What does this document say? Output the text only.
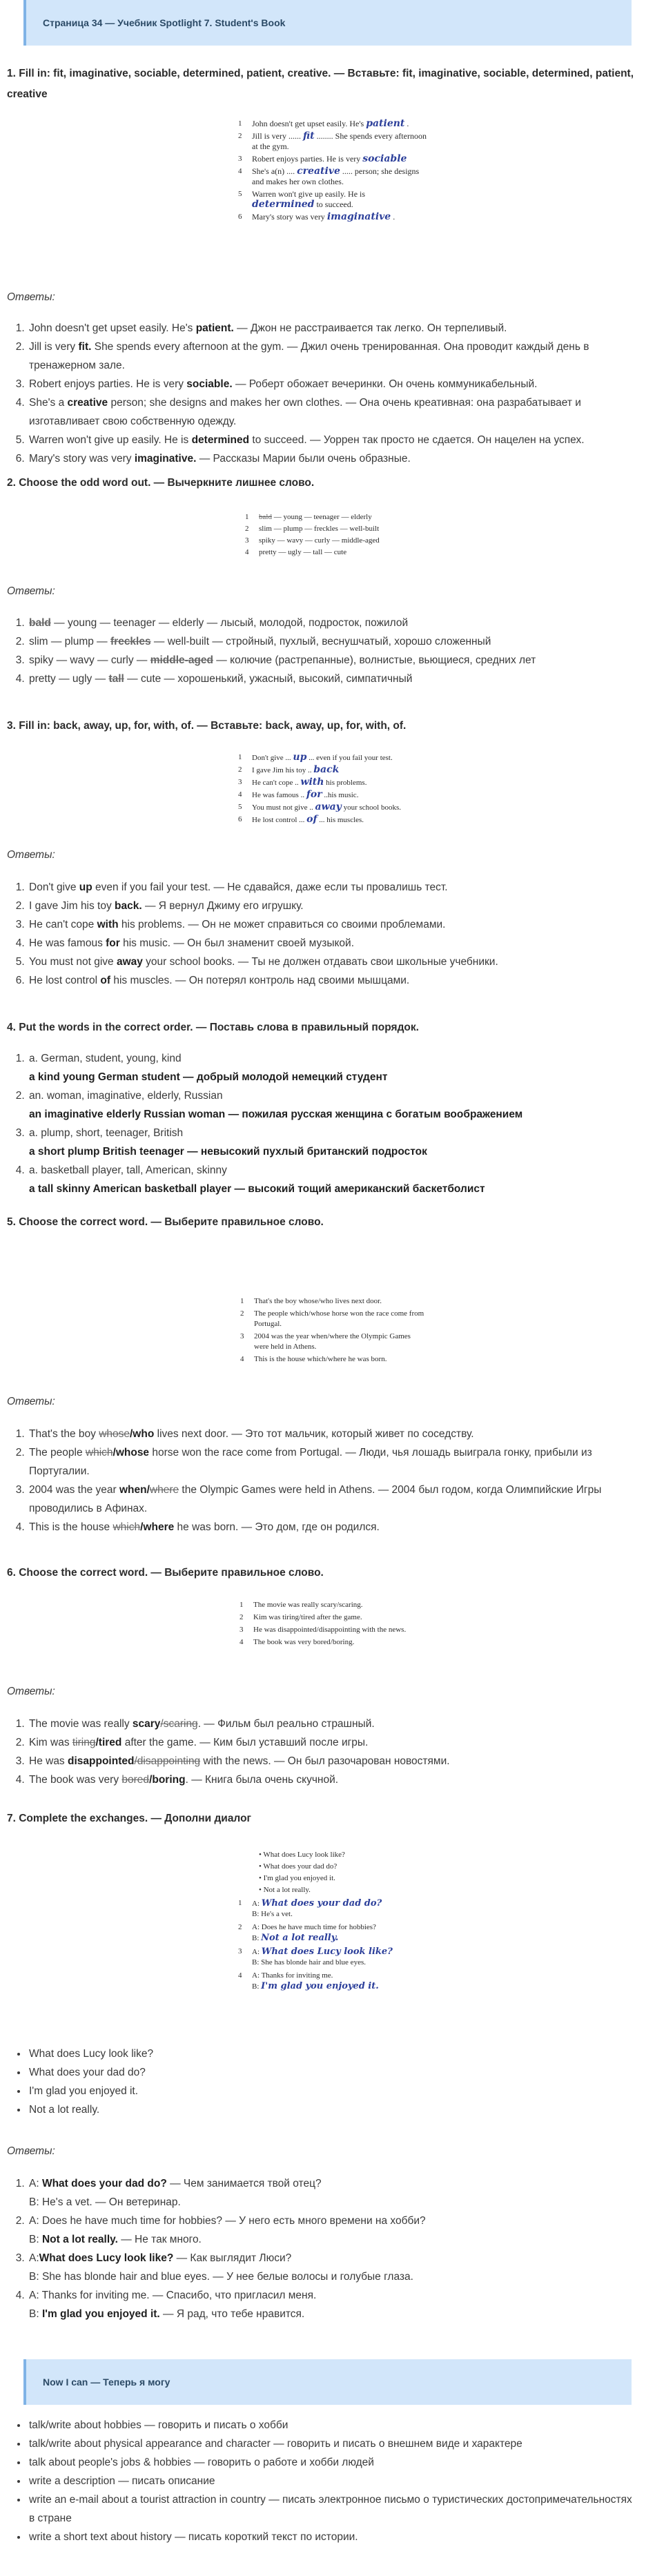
Страница 34 — Учебник Spotlight 7. Student's Book
1. Fill in: fit, imaginative, sociable, determined, patient, creative. — Вставьте: fit, imaginative, sociable, determined, patient, creative
1	John doesn't get upset easily. He's patient .
2	Jill is very ...... fit ........ She spends every afternoon at the gym.
3	Robert enjoys parties. He is very sociable
4	She's a(n) .... creative ..... person; she designs and makes her own clothes.
5	Warren won't give up easily. He is determined to succeed.
6	Mary's story was very imaginative .

Ответы:

1. John doesn't get upset easily. He's patient. — Джон не расстраивается так легко. Он терпеливый.
2. Jill is very fit. She spends every afternoon at the gym. — Джил очень тренированная. Она проводит каждый день в тренажерном зале.
3. Robert enjoys parties. He is very sociable. — Роберт обожает вечеринки. Он очень коммуникабельный.
4. She's a creative person; she designs and makes her own clothes. — Она очень креативная: она разрабатывает и изготавливает свою собственную одежду.
5. Warren won't give up easily. He is determined to succeed. — Уоррен так просто не сдается. Он нацелен на успех.
6. Mary's story was very imaginative. — Рассказы Марии были очень образные.
2. Choose the odd word out. — Вычеркните лишнее слово.
1	bald — young — teenager — elderly
2	slim — plump — freckles — well-built
3	spiky — wavy — curly — middle-aged
4	pretty — ugly — tall — cute

Ответы:

1. bald — young — teenager — elderly — лысый, молодой, подросток, пожилой
2. slim — plump — freckles — well-built — стройный, пухлый, веснушчатый, хорошо сложенный
3. spiky — wavy — curly — middle-aged — колючие (растрепанные), волнистые, вьющиеся, средних лет
4. pretty — ugly — tall — cute — хорошенький, ужасный, высокий, симпатичный
3. Fill in: back, away, up, for, with, of. — Вставьте: back, away, up, for, with, of.
1	Don't give ... up ... even if you fail your test.
2	I gave Jim his toy .. back
3	He can't cope .. with his problems.
4	He was famous .. for ..his music.
5	You must not give .. away your school books.
6	He lost control ... of ... his muscles.

Ответы:

1. Don't give up even if you fail your test. — Не сдавайся, даже если ты провалишь тест.
2. I gave Jim his toy back. — Я вернул Джиму его игрушку.
3. He can't cope with his problems. — Он не может справиться со своими проблемами.
4. He was famous for his music. — Он был знаменит своей музыкой.
5. You must not give away your school books. — Ты не должен отдавать свои школьные учебники.
6. He lost control of his muscles. — Он потерял контроль над своими мышцами.
4. Put the words in the correct order. — Поставь слова в правильный порядок.
1. a. German, student, young, kind
a kind young German student — добрый молодой немецкий студент
2. an. woman, imaginative, elderly, Russian
an imaginative elderly Russian woman — пожилая русская женщина с богатым воображением
3. a. plump, short, teenager, British
a short plump British teenager — невысокий пухлый британский подросток
4. a. basketball player, tall, American, skinny
a tall skinny American basketball player — высокий тощий американский баскетболист
5. Choose the correct word. — Выберите правильное слово.
1	That's the boy whose/who lives next door.
2	The people which/whose horse won the race come from Portugal.
3	2004 was the year when/where the Olympic Games were held in Athens.
4	This is the house which/where he was born.

Ответы:

1. That's the boy whose/who lives next door. — Это тот мальчик, который живет по соседству.
2. The people which/whose horse won the race come from Portugal. — Люди, чья лошадь выиграла гонку, прибыли из Португалии.
3. 2004 was the year when/where the Olympic Games were held in Athens. — 2004 был годом, когда Олимпийские Игры проводились в Афинах.
4. This is the house which/where he was born. — Это дом, где он родился.
6. Choose the correct word. — Выберите правильное слово.
1	The movie was really scary/scaring.
2	Kim was tiring/tired after the game.
3	He was disappointed/disappointing with the news.
4	The book was very bored/boring.

Ответы:

1. The movie was really scary/scaring. — Фильм был реально страшный.
2. Kim was tiring/tired after the game. — Ким был уставший после игры.
3. He was disappointed/disappointing with the news. — Он был разочарован новостями.
4. The book was very bored/boring. — Книга была очень скучной.
7. Complete the exchanges. — Дополни диалог
• What does Lucy look like?
• What does your dad do?
• I'm glad you enjoyed it.
• Not a lot really.
1	A: What does your dad do?
B: He's a vet.
2	A: Does he have much time for hobbies?
B: Not a lot really.
3	A: What does Lucy look like?
B: She has blonde hair and blue eyes.
4	A: Thanks for inviting me.
B: I'm glad you enjoyed it.
• What does Lucy look like?
• What does your dad do?
• I'm glad you enjoyed it.
• Not a lot really.

Ответы:

1. A: What does your dad do? — Чем занимается твой отец?
B: He's a vet. — Он ветеринар.
2. A: Does he have much time for hobbies? — У него есть много времени на хобби?
B: Not a lot really. — Не так много.
3. A:What does Lucy look like? — Как выглядит Люси?
B: She has blonde hair and blue eyes. — У нее белые волосы и голубые глаза.
4. A: Thanks for inviting me. — Спасибо, что пригласил меня.
B: I'm glad you enjoyed it. — Я рад, что тебе нравится.
Now I can — Теперь я могу
• talk/write about hobbies — говорить и писать о хобби
• talk/write about physical appearance and character — говорить и писать о внешнем виде и характере
• talk about people's jobs & hobbies — говорить о работе и хобби людей
• write a description — писать описание
• write an e-mail about a tourist attraction in country — писать электронное письмо о туристических достопримечательностях в стране
• write a short text about history — писать короткий текст по истории.
